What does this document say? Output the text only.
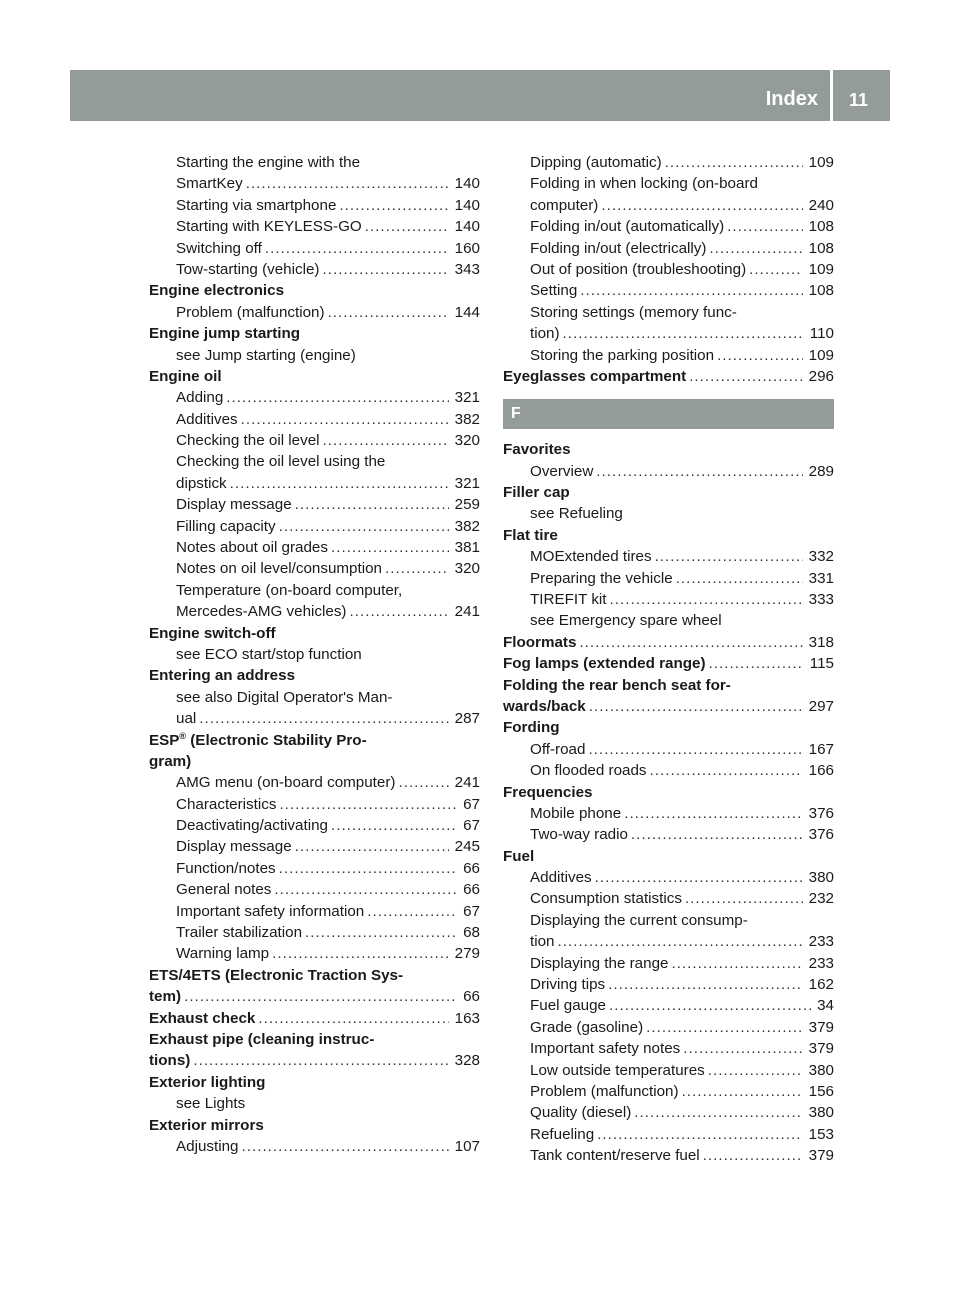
Index 11
Starting the engine with the
SmartKey . . .	140
Starting via smartphone . . .	140
Starting with KEYLESS-GO . . .	140
Switching off . . .	160
Tow-starting (vehicle) . . .	343
Engine electronics
Problem (malfunction) . . .	144
Engine jump starting
see Jump starting (engine)
Engine oil
Adding . . .	321
Additives . . .	382
Checking the oil level . . .	320
Checking the oil level using the
dipstick . . .	321
Display message . . .	259
Filling capacity . . .	382
Notes about oil grades . . .	381
Notes on oil level/consumption . . .	320
Temperature (on-board computer,
Mercedes-AMG vehicles) . . .	241
Engine switch-off
see ECO start/stop function
Entering an address
see also Digital Operator's Man-
ual . . .	287
ESP® (Electronic Stability Pro-
gram)
AMG menu (on-board computer) . . .	241
Characteristics . . .	67
Deactivating/activating . . .	67
Display message . . .	245
Function/notes . . .	66
General notes . . .	66
Important safety information . . .	67
Trailer stabilization . . .	68
Warning lamp . . .	279
ETS/4ETS (Electronic Traction Sys-
tem) . . .	66
Exhaust check . . .	163
Exhaust pipe (cleaning instruc-
tions) . . .	328
Exterior lighting
see Lights
Exterior mirrors
Adjusting . . .	107
Dipping (automatic) . . .	109
Folding in when locking (on-board
computer) . . .	240
Folding in/out (automatically) . . .	108
Folding in/out (electrically) . . .	108
Out of position (troubleshooting) . . .	109
Setting . . .	108
Storing settings (memory func-
tion) . . .	110
Storing the parking position . . .	109
Eyeglasses compartment . . .	296
F
Favorites
Overview . . .	289
Filler cap
see Refueling
Flat tire
MOExtended tires . . .	332
Preparing the vehicle . . .	331
TIREFIT kit . . .	333
see Emergency spare wheel
Floormats . . .	318
Fog lamps (extended range) . . .	115
Folding the rear bench seat for-
wards/back . . .	297
Fording
Off-road . . .	167
On flooded roads . . .	166
Frequencies
Mobile phone . . .	376
Two-way radio . . .	376
Fuel
Additives . . .	380
Consumption statistics . . .	232
Displaying the current consump-
tion . . .	233
Displaying the range . . .	233
Driving tips . . .	162
Fuel gauge . . .	34
Grade (gasoline) . . .	379
Important safety notes . . .	379
Low outside temperatures . . .	380
Problem (malfunction) . . .	156
Quality (diesel) . . .	380
Refueling . . .	153
Tank content/reserve fuel . . .	379
